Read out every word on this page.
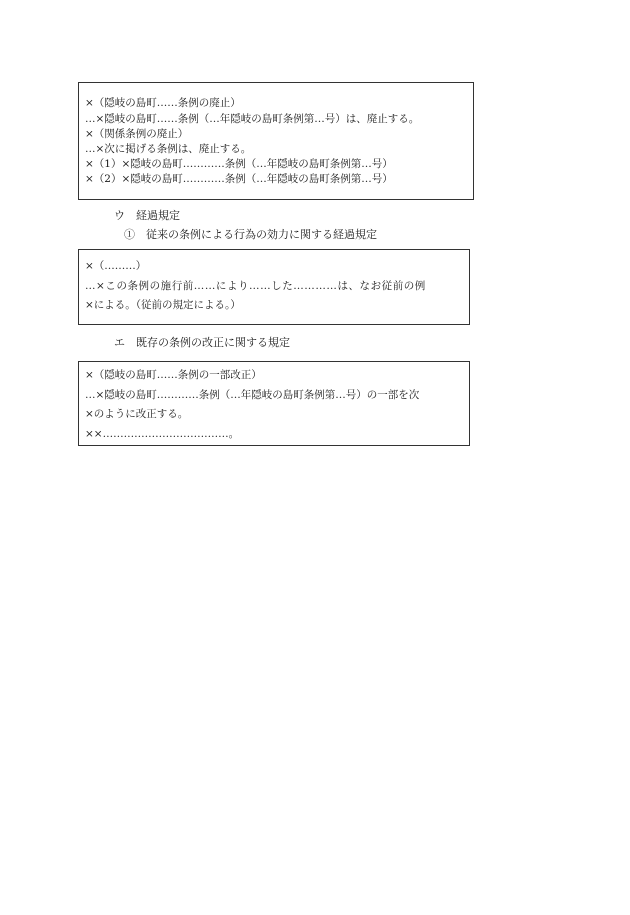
×（隠岐の島町……条例の廃止）
…×隠岐の島町……条例（…年隠岐の島町条例第…号）は、廃止する。
×（関係条例の廃止）
…×次に掲げる条例は、廃止する。
×（1）×隠岐の島町…………条例（…年隠岐の島町条例第…号）
×（2）×隠岐の島町…………条例（…年隠岐の島町条例第…号）
ウ　経過規定
①　従来の条例による行為の効力に関する経過規定
×（………）
…×この条例の施行前……により……した…………は、なお従前の例
×による。（従前の規定による。）
エ　既存の条例の改正に関する規定
×（隠岐の島町……条例の一部改正）
…×隠岐の島町…………条例（…年隠岐の島町条例第…号）の一部を次
×のように改正する。
××………………………………。
